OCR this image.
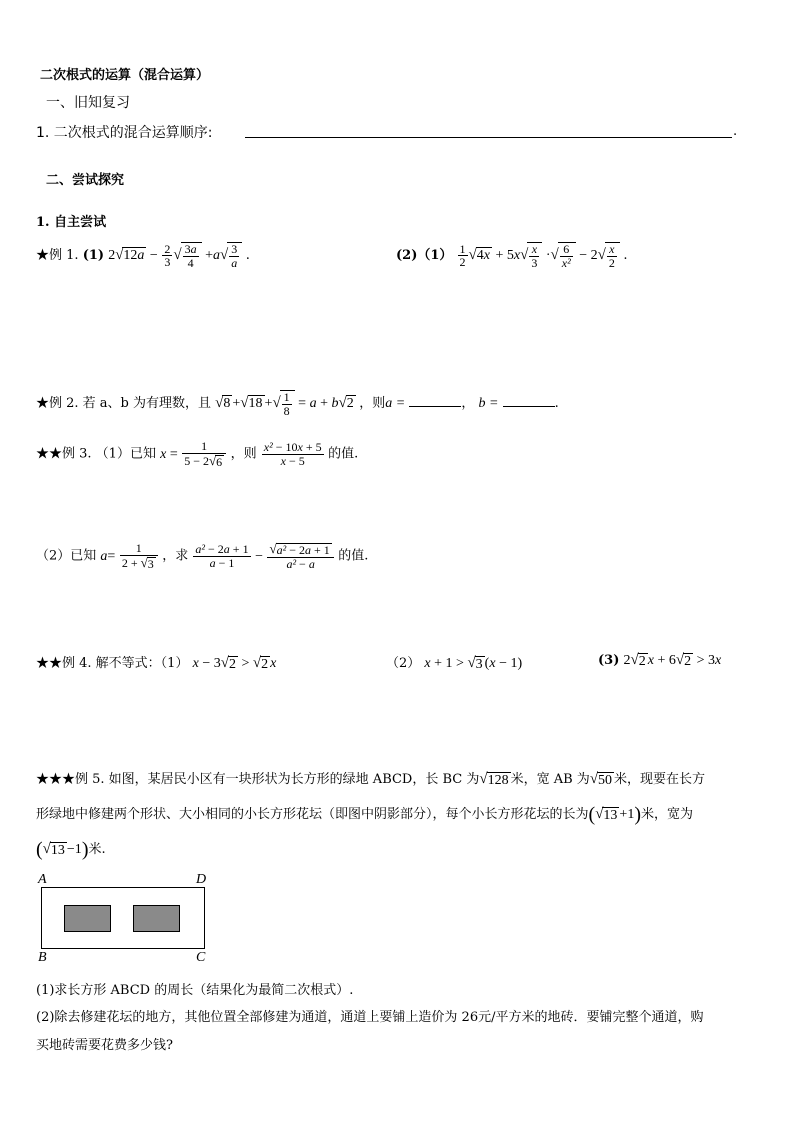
二次根式的运算（混合运算）
一、旧知复习
1. 二次根式的混合运算顺序:	.
二、尝试探究
1. 自主尝试
★例 1. (1) $2√12a - \frac{2}{3}$ √ $\frac{3a}{4} +a√ \frac{3}{a}$ .	$(2)(1) \frac{1}{2} √4x + 5x√ \frac{x}{3}$ ·√ $\frac{6}{\text{x²}} - 2√ \frac{x}{2}$ .
★例 2. 若 a、b 为有理数，且 √8 +√18 +√ $\frac{1}{8} = a + b√2$ ，则a =	， b =	.
★★例 3. （1）已知 $x = \frac{1}{5 - 2√6}$ ，则 $\frac{\text{x² − 10x + 5}}{x - 5}$ 的值.
（2）已知 $a= \frac{1}{2 + √3}$ ，求 $\frac{\text{a² − 2a + 1}}{a - 1} - \frac{\text{√a² − 2a + 1}}{\text{a² − a}}$ 的值.
★★例 4. 解不等式：（1） x − 3√2 > √2 x	（2） x + 1 > √3 (x − 1)	(3) 2√2 x + 6√2 > 3x
★★★例 5. 如图，某居民小区有一块形状为长方形的绿地 ABCD，长 BC 为√128 米，宽 AB 为√50 米，现要在长方
形绿地中修建两个形状、大小相同的小长方形花坛（即图中阴影部分），每个小长方形花坛的长为(√13 +1)米，宽为
(√13 −1)米.
A	D
B	C
(1)求长方形 ABCD 的周长（结果化为最简二次根式）.
(2)除去修建花坛的地方，其他位置全部修建为通道，通道上要铺上造价为 26元/平方米的地砖．要铺完整个通道，购
买地砖需要花费多少钱?
